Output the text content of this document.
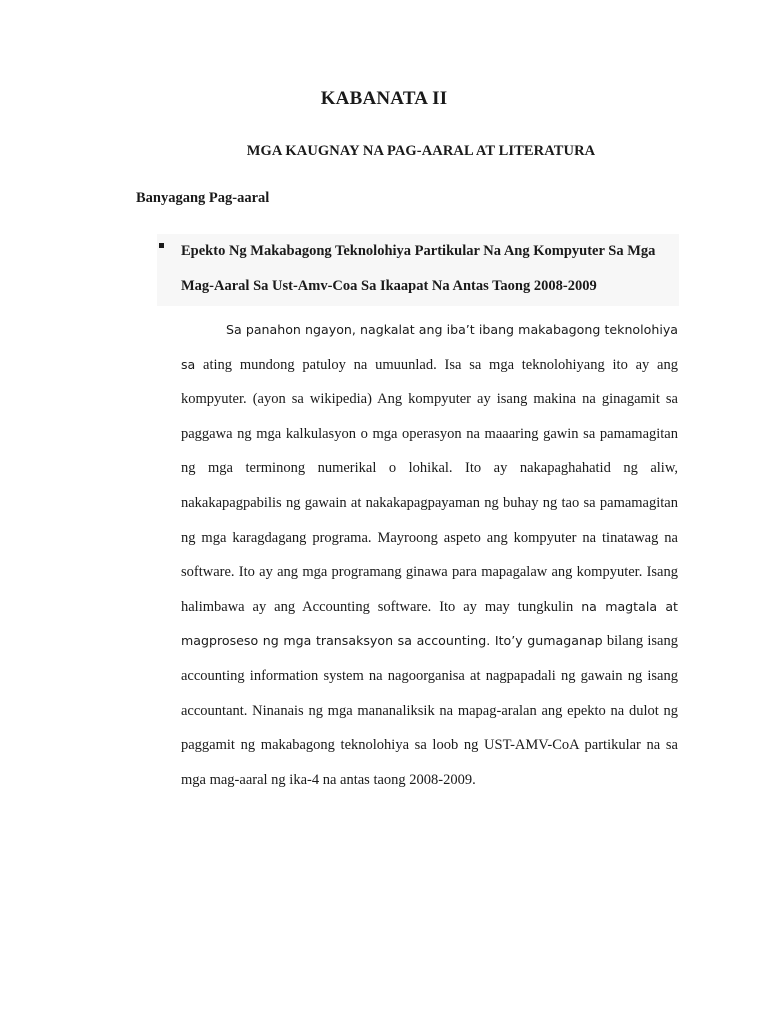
KABANATA II
MGA KAUGNAY NA PAG-AARAL AT LITERATURA
Banyagang Pag-aaral

Epekto Ng Makabagong Teknolohiya Partikular Na Ang Kompyuter Sa Mga Mag-Aaral Sa Ust-Amv-Coa Sa Ikaapat Na Antas Taong 2008-2009

Sa panahon ngayon, nagkalat ang iba’t ibang makabagong teknolohiya sa ating mundong patuloy na umuunlad. Isa sa mga teknolohiyang ito ay ang kompyuter. (ayon sa wikipedia) Ang kompyuter ay isang makina na ginagamit sa paggawa ng mga kalkulasyon o mga operasyon na maaaring gawin sa pamamagitan ng mga terminong numerikal o lohikal. Ito ay nakapaghahatid ng aliw, nakakapagpabilis ng gawain at nakakapagpayaman ng buhay ng tao sa pamamagitan ng mga karagdagang programa. Mayroong aspeto ang kompyuter na tinatawag na software. Ito ay ang mga programang ginawa para mapagalaw ang kompyuter. Isang halimbawa ay ang Accounting software. Ito ay may tungkulin na magtala at magproseso ng mga transaksyon sa accounting. Ito’y gumaganap bilang isang accounting information system na nagoorganisa at nagpapadali ng gawain ng isang accountant. Ninanais ng mga mananaliksik na mapag-aralan ang epekto na dulot ng paggamit ng makabagong teknolohiya sa loob ng UST-AMV-CoA partikular na sa mga mag-aaral ng ika-4 na antas taong 2008-2009.
